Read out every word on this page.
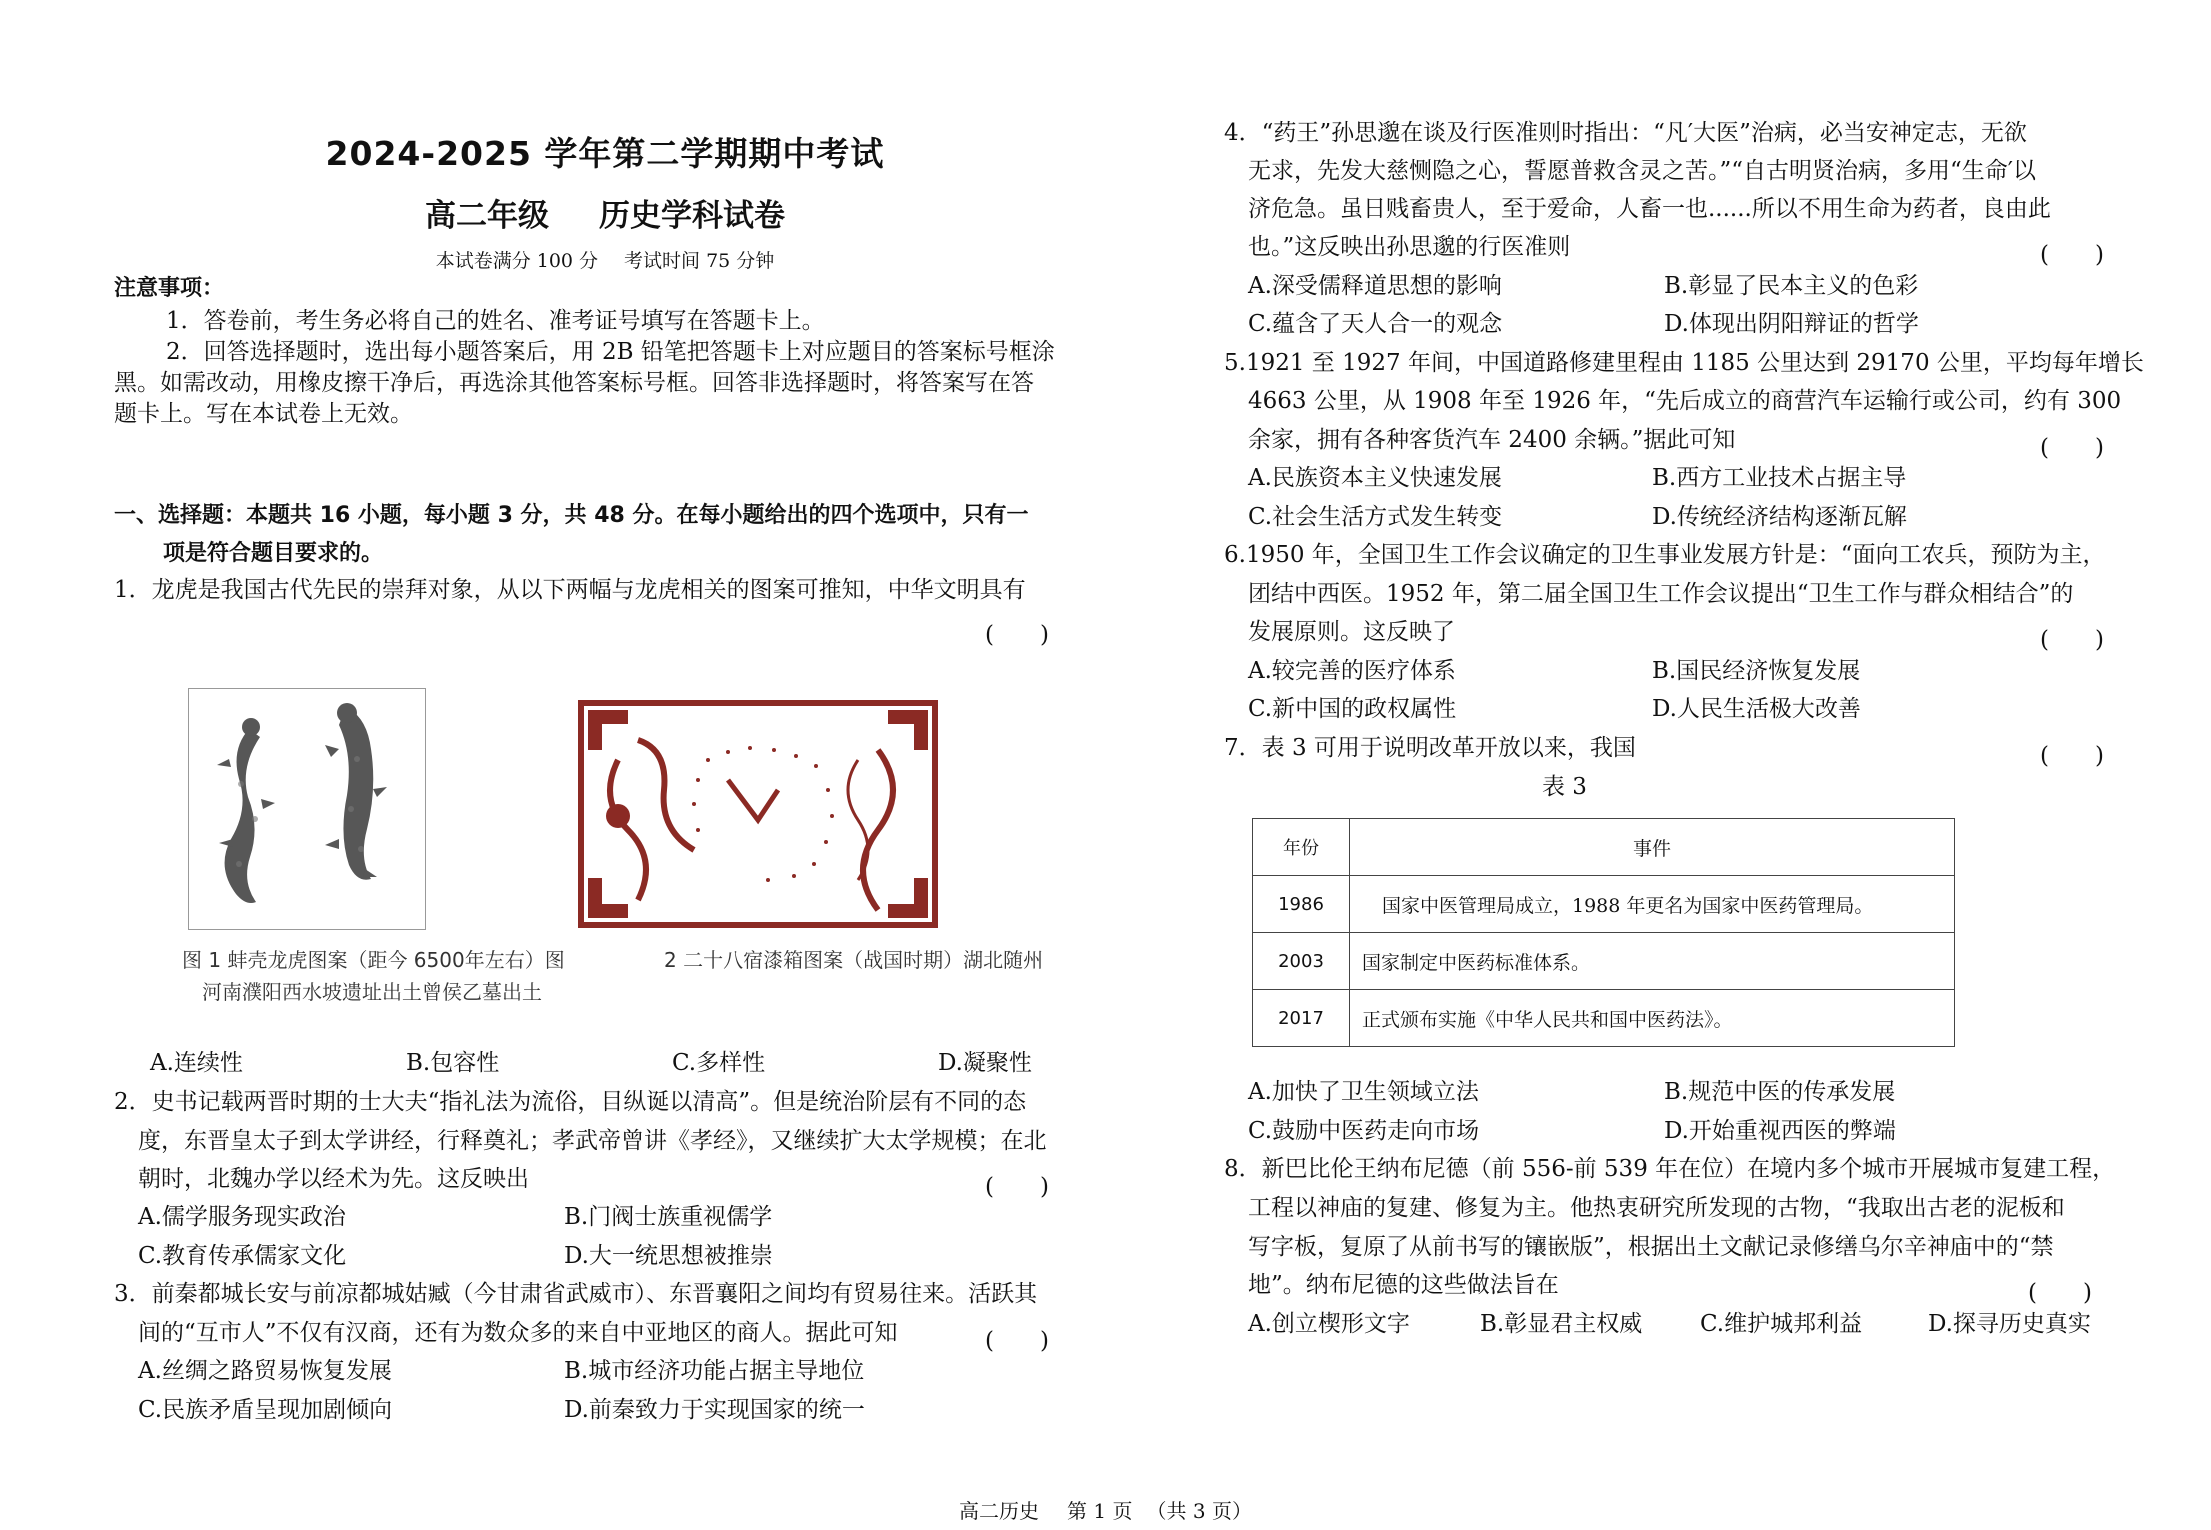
2024-2025 学年第二学期期中考试
高二年级 历史学科试卷
本试卷满分 100 分 考试时间 75 分钟
注意事项：
1．答卷前，考生务必将自己的姓名、准考证号填写在答题卡上。
2．回答选择题时，选出每小题答案后，用 2B 铅笔把答题卡上对应题目的答案标号框涂
黑。如需改动，用橡皮擦干净后，再选涂其他答案标号框。回答非选择题时，将答案写在答
题卡上。写在本试卷上无效。
一、选择题：本题共 16 小题，每小题 3 分，共 48 分。在每小题给出的四个选项中，只有一
项是符合题目要求的。
1．龙虎是我国古代先民的崇拜对象，从以下两幅与龙虎相关的图案可推知，中华文明具有
(　　)
图 1 蚌壳龙虎图案（距今 6500年左右）图
河南濮阳西水坡遗址出土曾侯乙墓出土
2 二十八宿漆箱图案（战国时期）湖北随州
A.连续性	B.包容性	C.多样性	D.凝聚性
2．史书记载两晋时期的士大夫“指礼法为流俗，目纵诞以清高”。但是统治阶层有不同的态
度，东晋皇太子到太学讲经，行释奠礼；孝武帝曾讲《孝经》，又继续扩大太学规模；在北
朝时，北魏办学以经术为先。这反映出	(　　)
A.儒学服务现实政治	B.门阀士族重视儒学
C.教育传承儒家文化	D.大一统思想被推崇
3．前秦都城长安与前凉都城姑臧（今甘肃省武威市）、东晋襄阳之间均有贸易往来。活跃其
间的“互市人”不仅有汉商，还有为数众多的来自中亚地区的商人。据此可知	(　　)
A.丝绸之路贸易恢复发展	B.城市经济功能占据主导地位
C.民族矛盾呈现加剧倾向	D.前秦致力于实现国家的统一
4．“药王”孙思邈在谈及行医准则时指出：“凡′大医”治病，必当安神定志，无欲
无求，先发大慈恻隐之心，誓愿普救含灵之苦。”“自古明贤治病，多用“生命′以
济危急。虽日贱畜贵人，至于爱命，人畜一也......所以不用生命为药者，良由此
也。”这反映出孙思邈的行医准则	(　　)
A.深受儒释道思想的影响	B.彰显了民本主义的色彩
C.蕴含了天人合一的观念	D.体现出阴阳辩证的哲学
5.1921 至 1927 年间，中国道路修建里程由 1185 公里达到 29170 公里，平均每年增长
4663 公里，从 1908 年至 1926 年，“先后成立的商营汽车运输行或公司，约有 300
余家，拥有各种客货汽车 2400 余辆。”据此可知	(　　)
A.民族资本主义快速发展	B.西方工业技术占据主导
C.社会生活方式发生转变	D.传统经济结构逐渐瓦解
6.1950 年，全国卫生工作会议确定的卫生事业发展方针是：“面向工农兵，预防为主，
团结中西医。1952 年，第二届全国卫生工作会议提出“卫生工作与群众相结合”的
发展原则。这反映了	(　　)
A.较完善的医疗体系	B.国民经济恢复发展
C.新中国的政权属性	D.人民生活极大改善
7．表 3 可用于说明改革开放以来，我国	(　　)
表 3
年份	事件
1986	国家中医管理局成立，1988 年更名为国家中医药管理局。
2003	国家制定中医药标准体系。
2017	正式颁布实施《中华人民共和国中医药法》。
A.加快了卫生领域立法	B.规范中医的传承发展
C.鼓励中医药走向市场	D.开始重视西医的弊端
8．新巴比伦王纳布尼德（前 556-前 539 年在位）在境内多个城市开展城市复建工程，
工程以神庙的复建、修复为主。他热衷研究所发现的古物，“我取出古老的泥板和
写字板，复原了从前书写的镶嵌版”，根据出土文献记录修缮乌尔辛神庙中的“禁
地”。纳布尼德的这些做法旨在	(　　)
A.创立楔形文字	B.彰显君主权威	C.维护城邦利益	D.探寻历史真实
高二历史 第 1 页 （共 3 页）
